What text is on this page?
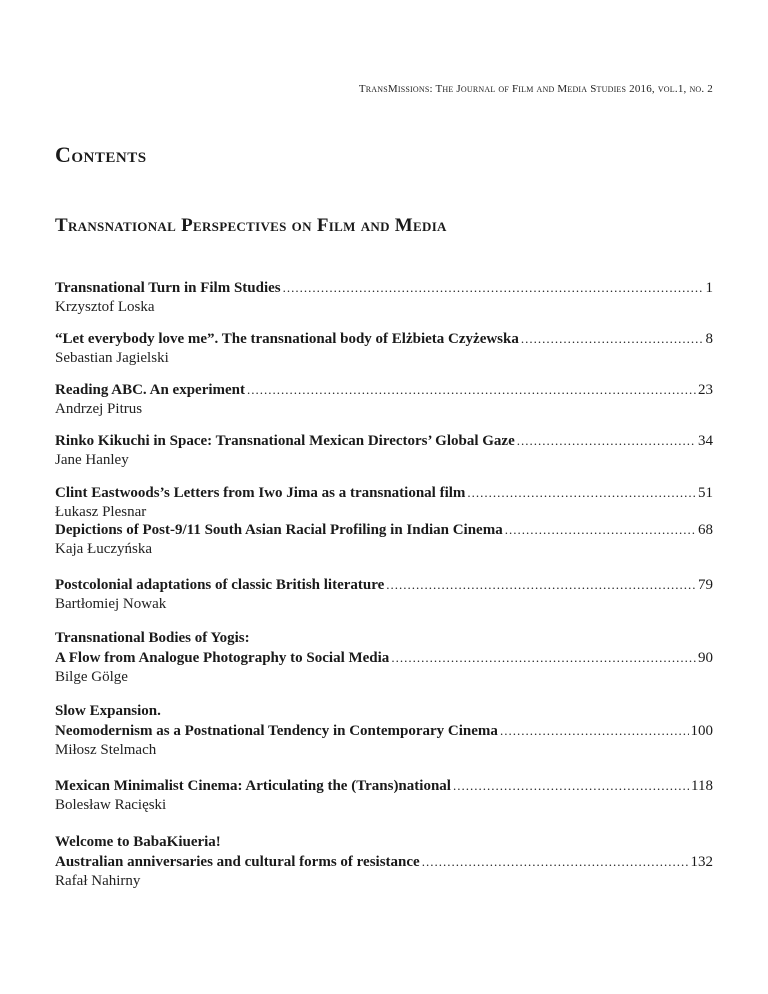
TransMissions: The Journal of Film and Media Studies 2016, vol.1, no. 2
Contents
Transnational Perspectives on Film and Media
Transnational Turn in Film Studies .....	1
Krzysztof Loska
“Let everybody love me”. The transnational body of Elżbieta Czyżewska .....	8
Sebastian Jagielski
Reading ABC. An experiment .....	23
Andrzej Pitrus
Rinko Kikuchi in Space: Transnational Mexican Directors’ Global Gaze .....	34
Jane Hanley
Clint Eastwoods’s Letters from Iwo Jima as a transnational film .....	51
Łukasz Plesnar
Depictions of Post-9/11 South Asian Racial Profiling in Indian Cinema .....	68
Kaja Łuczyńska
Postcolonial adaptations of classic British literature .....	79
Bartłomiej Nowak
Transnational Bodies of Yogis:
A Flow from Analogue Photography to Social Media .....	90
Bilge Gölge
Slow Expansion.
Neomodernism as a Postnational Tendency in Contemporary Cinema .....	100
Miłosz Stelmach
Mexican Minimalist Cinema: Articulating the (Trans)national .....	118
Bolesław Racięski
Welcome to BabaKiueria!
Australian anniversaries and cultural forms of resistance .....	132
Rafał Nahirny
